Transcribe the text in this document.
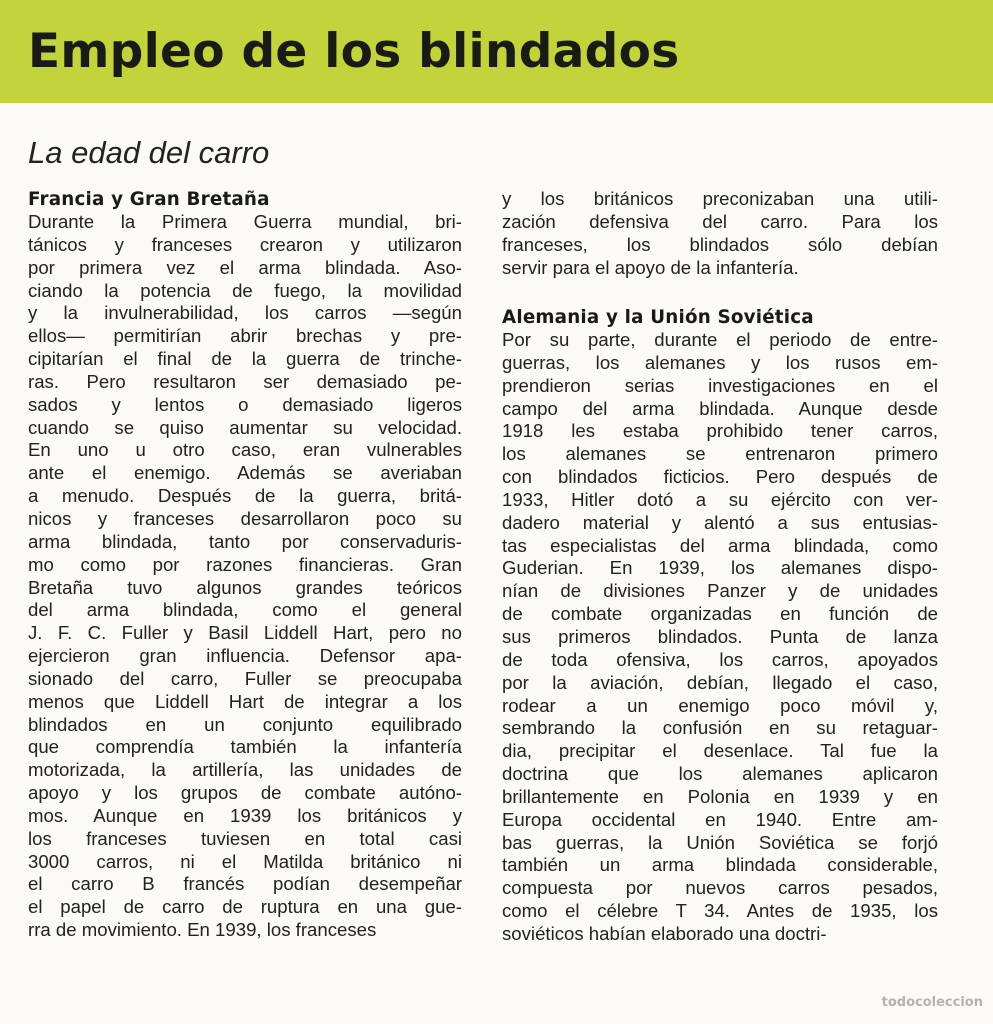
Empleo de los blindados
La edad del carro
Francia y Gran Bretaña
Durante la Primera Guerra mundial, bri-
tánicos y franceses crearon y utilizaron
por primera vez el arma blindada. Aso-
ciando la potencia de fuego, la movilidad
y la invulnerabilidad, los carros —según
ellos— permitirían abrir brechas y pre-
cipitarían el final de la guerra de trinche-
ras. Pero resultaron ser demasiado pe-
sados y lentos o demasiado ligeros
cuando se quiso aumentar su velocidad.
En uno u otro caso, eran vulnerables
ante el enemigo. Además se averiaban
a menudo. Después de la guerra, britá-
nicos y franceses desarrollaron poco su
arma blindada, tanto por conservaduris-
mo como por razones financieras. Gran
Bretaña tuvo algunos grandes teóricos
del arma blindada, como el general
J. F. C. Fuller y Basil Liddell Hart, pero no
ejercieron gran influencia. Defensor apa-
sionado del carro, Fuller se preocupaba
menos que Liddell Hart de integrar a los
blindados en un conjunto equilibrado
que comprendía también la infantería
motorizada, la artillería, las unidades de
apoyo y los grupos de combate autóno-
mos. Aunque en 1939 los británicos y
los franceses tuviesen en total casi
3000 carros, ni el Matilda británico ni
el carro B francés podían desempeñar
el papel de carro de ruptura en una gue-
rra de movimiento. En 1939, los franceses
y los británicos preconizaban una utili-
zación defensiva del carro. Para los
franceses, los blindados sólo debían
servir para el apoyo de la infantería.
Alemania y la Unión Soviética
Por su parte, durante el periodo de entre-
guerras, los alemanes y los rusos em-
prendieron serias investigaciones en el
campo del arma blindada. Aunque desde
1918 les estaba prohibido tener carros,
los alemanes se entrenaron primero
con blindados ficticios. Pero después de
1933, Hitler dotó a su ejército con ver-
dadero material y alentó a sus entusias-
tas especialistas del arma blindada, como
Guderian. En 1939, los alemanes dispo-
nían de divisiones Panzer y de unidades
de combate organizadas en función de
sus primeros blindados. Punta de lanza
de toda ofensiva, los carros, apoyados
por la aviación, debían, llegado el caso,
rodear a un enemigo poco móvil y,
sembrando la confusión en su retaguar-
dia, precipitar el desenlace. Tal fue la
doctrina que los alemanes aplicaron
brillantemente en Polonia en 1939 y en
Europa occidental en 1940. Entre am-
bas guerras, la Unión Soviética se forjó
también un arma blindada considerable,
compuesta por nuevos carros pesados,
como el célebre T 34. Antes de 1935, los
soviéticos habían elaborado una doctri-
todocoleccion
